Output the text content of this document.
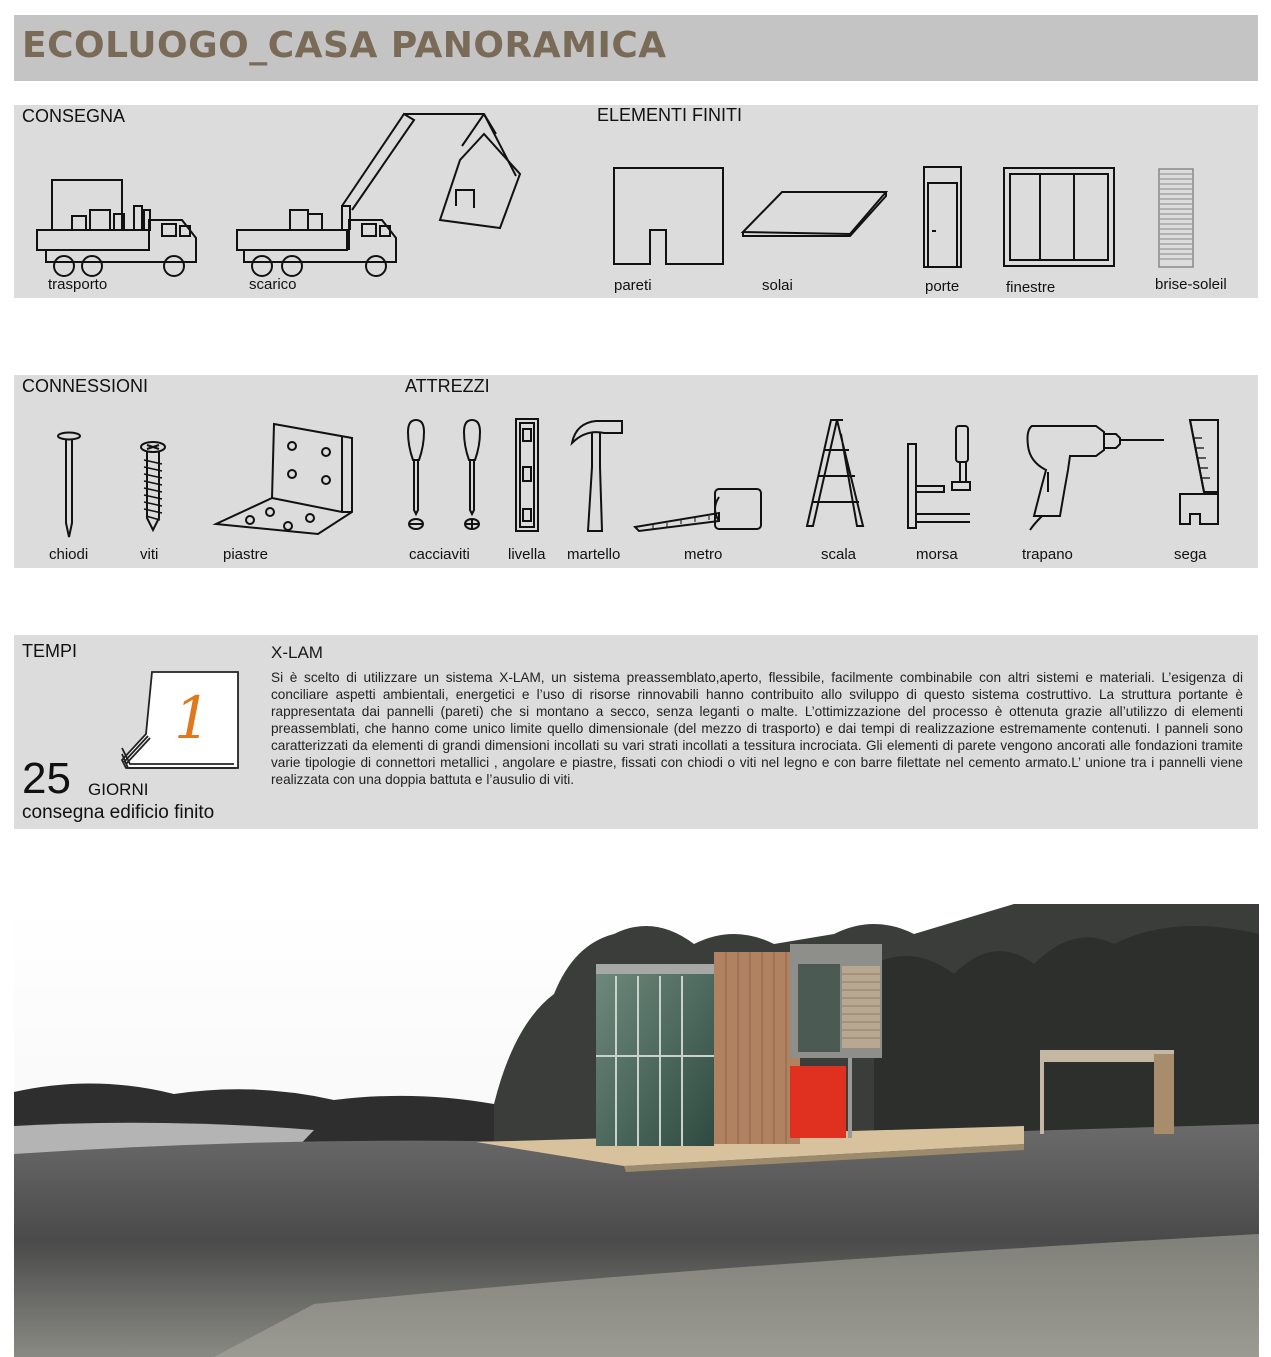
ECOLUOGO_CASA PANORAMICA
CONSEGNA	ELEMENTI FINITI
trasporto	scarico	pareti	solai	porte	finestre	brise-soleil
CONNESSIONI	ATTREZZI
chiodi	viti	piastre	cacciaviti	livella martello	metro	scala	morsa	trapano	sega
TEMPI
1
25 GIORNI
consegna edificio finito
X-LAM
Si è scelto di utilizzare un sistema X-LAM, un sistema preassemblato,aperto, flessibile, facilmente combinabile con altri sistemi e materiali. L’esigenza di conciliare aspetti ambientali, energetici e l’uso di risorse rinnovabili hanno contribuito allo sviluppo di questo sistema costruttivo. La struttura portante è rappresentata dai pannelli (pareti) che si montano a secco, senza leganti o malte. L’ottimizzazione del processo è ottenuta grazie all’utilizzo di elementi preassemblati, che hanno come unico limite quello dimensionale (del mezzo di trasporto) e dai tempi di realizzazione estremamente contenuti. I panneli sono caratterizzati da elementi di grandi dimensioni incollati su vari strati incollati a tessitura incrociata. Gli elementi di parete vengono ancorati alle fondazioni tramite varie tipologie di connettori metallici , angolare e piastre, fissati con chiodi o viti nel legno e con barre filettate nel cemento armato.L’ unione tra i pannelli viene realizzata con una doppia battuta e l’ausulio di viti.
